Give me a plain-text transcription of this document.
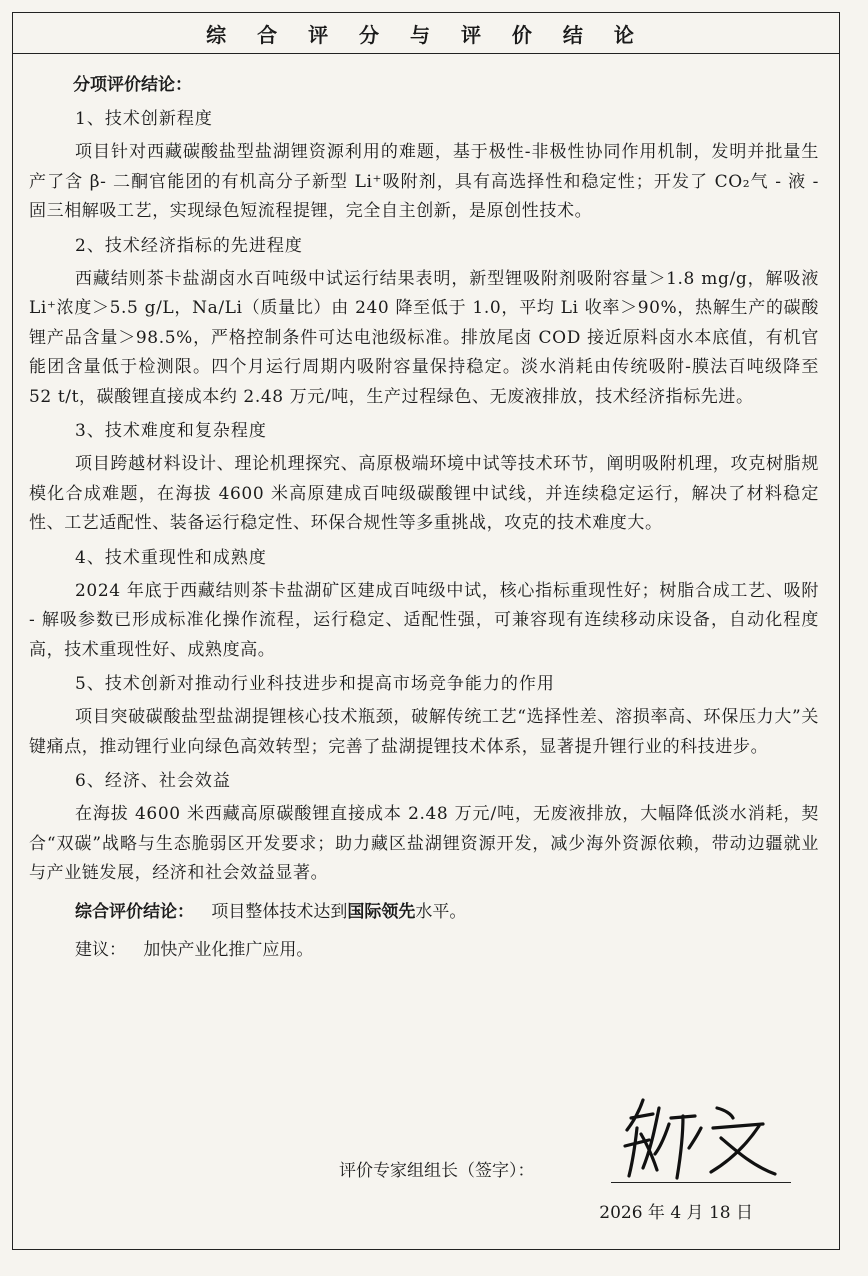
综 合 评 分 与 评 价 结 论
分项评价结论：
1、技术创新程度

项目针对西藏碳酸盐型盐湖锂资源利用的难题，基于极性-非极性协同作用机制，发明并批量生产了含 β- 二酮官能团的有机高分子新型 Li⁺吸附剂，具有高选择性和稳定性；开发了 CO₂气 - 液 - 固三相解吸工艺，实现绿色短流程提锂，完全自主创新，是原创性技术。

2、技术经济指标的先进程度

西藏结则茶卡盐湖卤水百吨级中试运行结果表明，新型锂吸附剂吸附容量＞1.8 mg/g，解吸液 Li⁺浓度＞5.5 g/L，Na/Li（质量比）由 240 降至低于 1.0，平均 Li 收率＞90%，热解生产的碳酸锂产品含量＞98.5%，严格控制条件可达电池级标准。排放尾卤 COD 接近原料卤水本底值，有机官能团含量低于检测限。四个月运行周期内吸附容量保持稳定。淡水消耗由传统吸附-膜法百吨级降至 52 t/t，碳酸锂直接成本约 2.48 万元/吨，生产过程绿色、无废液排放，技术经济指标先进。

3、技术难度和复杂程度

项目跨越材料设计、理论机理探究、高原极端环境中试等技术环节，阐明吸附机理，攻克树脂规模化合成难题，在海拔 4600 米高原建成百吨级碳酸锂中试线，并连续稳定运行，解决了材料稳定性、工艺适配性、装备运行稳定性、环保合规性等多重挑战，攻克的技术难度大。

4、技术重现性和成熟度

2024 年底于西藏结则茶卡盐湖矿区建成百吨级中试，核心指标重现性好；树脂合成工艺、吸附 - 解吸参数已形成标准化操作流程，运行稳定、适配性强，可兼容现有连续移动床设备，自动化程度高，技术重现性好、成熟度高。

5、技术创新对推动行业科技进步和提高市场竞争能力的作用

项目突破碳酸盐型盐湖提锂核心技术瓶颈，破解传统工艺“选择性差、溶损率高、环保压力大”关键痛点，推动锂行业向绿色高效转型；完善了盐湖提锂技术体系，显著提升锂行业的科技进步。

6、经济、社会效益

在海拔 4600 米西藏高原碳酸锂直接成本 2.48 万元/吨，无废液排放，大幅降低淡水消耗，契合“双碳”战略与生态脆弱区开发要求；助力藏区盐湖锂资源开发，减少海外资源依赖，带动边疆就业与产业链发展，经济和社会效益显著。

综合评价结论： 项目整体技术达到国际领先水平。
建议： 加快产业化推广应用。
评价专家组组长（签字）：
2026 年 4 月 18 日
